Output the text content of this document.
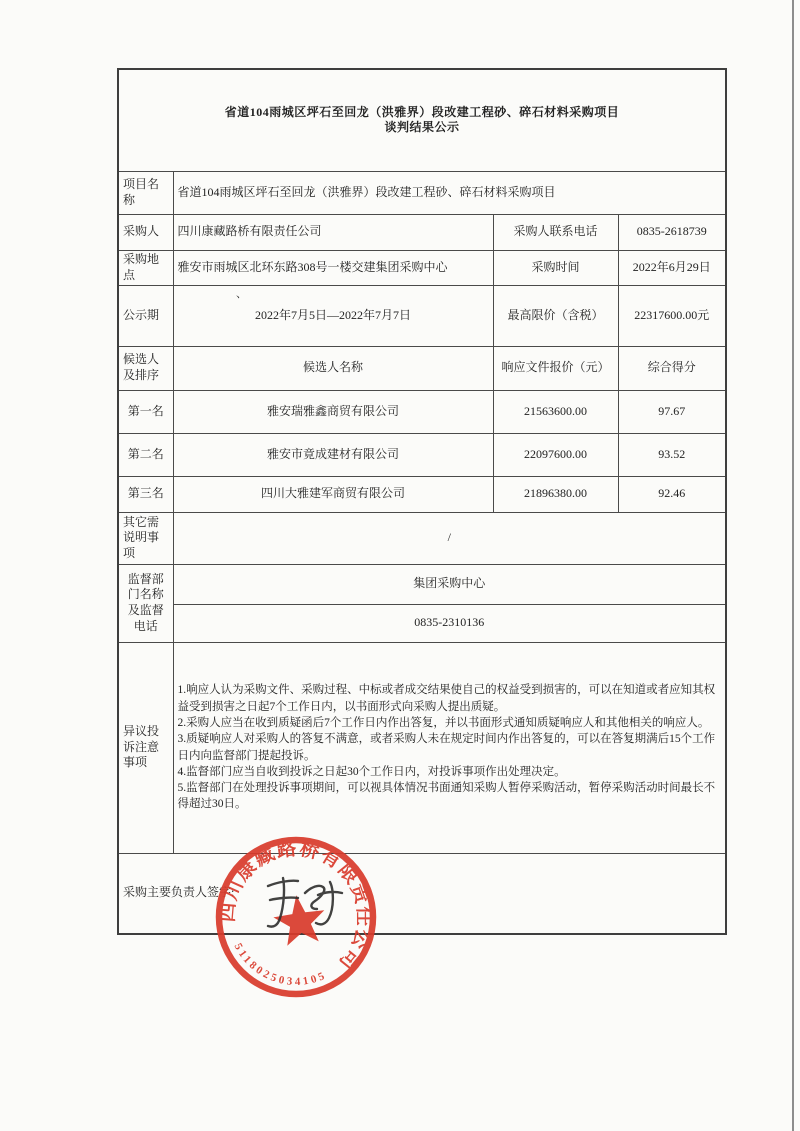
省道104雨城区坪石至回龙（洪雅界）段改建工程砂、碎石材料采购项目
谈判结果公示			

项目名称	省道104雨城区坪石至回龙（洪雅界）段改建工程砂、碎石材料采购项目		
采购人	四川康藏路桥有限责任公司	采购人联系电话	0835-2618739
采购地点	雅安市雨城区北环东路308号一楼交建集团采购中心	采购时间	2022年6月29日
公示期	2022年7月5日—2022年7月7日	最高限价（含税）	22317600.00元
候选人及排序	候选人名称	响应文件报价（元）	综合得分
第一名	雅安瑞雅鑫商贸有限公司	21563600.00	97.67
第二名	雅安市竟成建材有限公司	22097600.00	93.52
第三名	四川大雅建军商贸有限公司	21896380.00	92.46
其它需说明事项	/		
监督部门名称及监督电话	集团采购中心		
	0835-2310136		
异议投诉注意事项	1.响应人认为采购文件、采购过程、中标或者成交结果使自己的权益受到损害的，可以在知道或者应知其权益受到损害之日起7个工作日内，以书面形式向采购人提出质疑。
2.采购人应当在收到质疑函后7个工作日内作出答复，并以书面形式通知质疑响应人和其他相关的响应人。
3.质疑响应人对采购人的答复不满意，或者采购人未在规定时间内作出答复的，可以在答复期满后15个工作日内向监督部门提起投诉。
4.监督部门应当自收到投诉之日起30个工作日内，对投诉事项作出处理决定。
5.监督部门在处理投诉事项期间，可以视具体情况书面通知采购人暂停采购活动，暂停采购活动时间最长不得超过30日。		

采购主要负责人签字:			
、
四川康藏路桥有限责任公司
5118025034105
